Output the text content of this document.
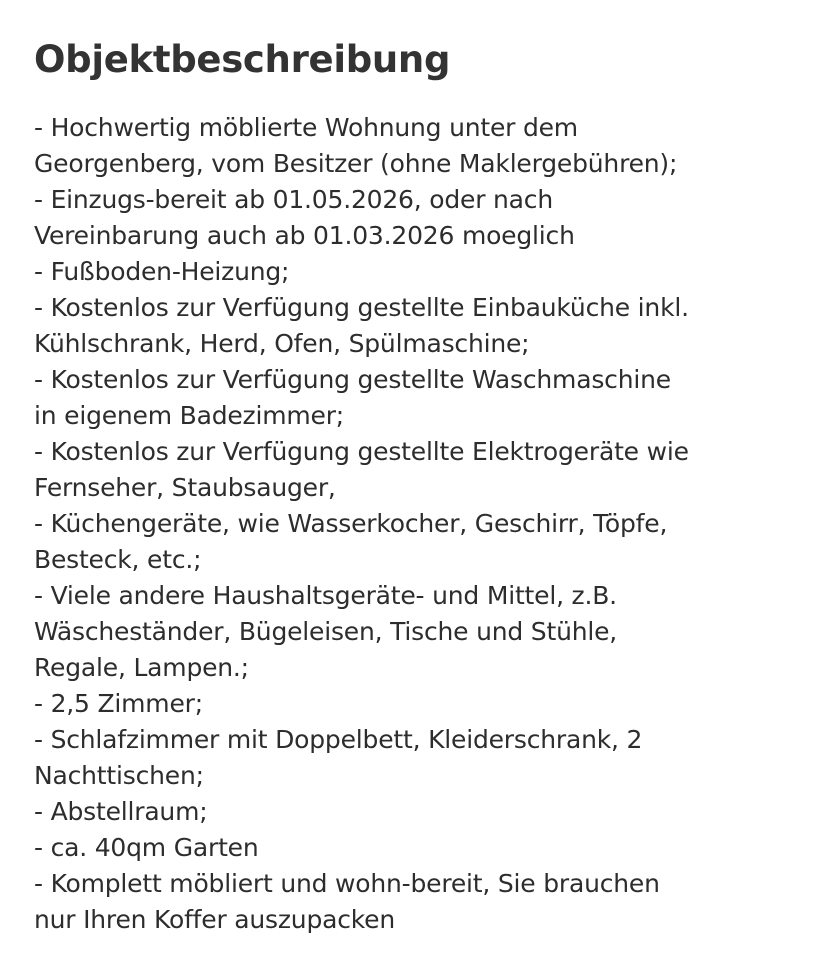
Objektbeschreibung
- Hochwertig möblierte Wohnung unter dem
Georgenberg, vom Besitzer (ohne Maklergebühren);
- Einzugs-bereit ab 01.05.2026, oder nach
Vereinbarung auch ab 01.03.2026 moeglich
- Fußboden-Heizung;
- Kostenlos zur Verfügung gestellte Einbauküche inkl.
Kühlschrank, Herd, Ofen, Spülmaschine;
- Kostenlos zur Verfügung gestellte Waschmaschine
in eigenem Badezimmer;
- Kostenlos zur Verfügung gestellte Elektrogeräte wie
Fernseher, Staubsauger,
- Küchengeräte, wie Wasserkocher, Geschirr, Töpfe,
Besteck, etc.;
- Viele andere Haushaltsgeräte- und Mittel, z.B.
Wäscheständer, Bügeleisen, Tische und Stühle,
Regale, Lampen.;
- 2,5 Zimmer;
- Schlafzimmer mit Doppelbett, Kleiderschrank, 2
Nachttischen;
- Abstellraum;
- ca. 40qm Garten
- Komplett möbliert und wohn-bereit, Sie brauchen
nur Ihren Koffer auszupacken
